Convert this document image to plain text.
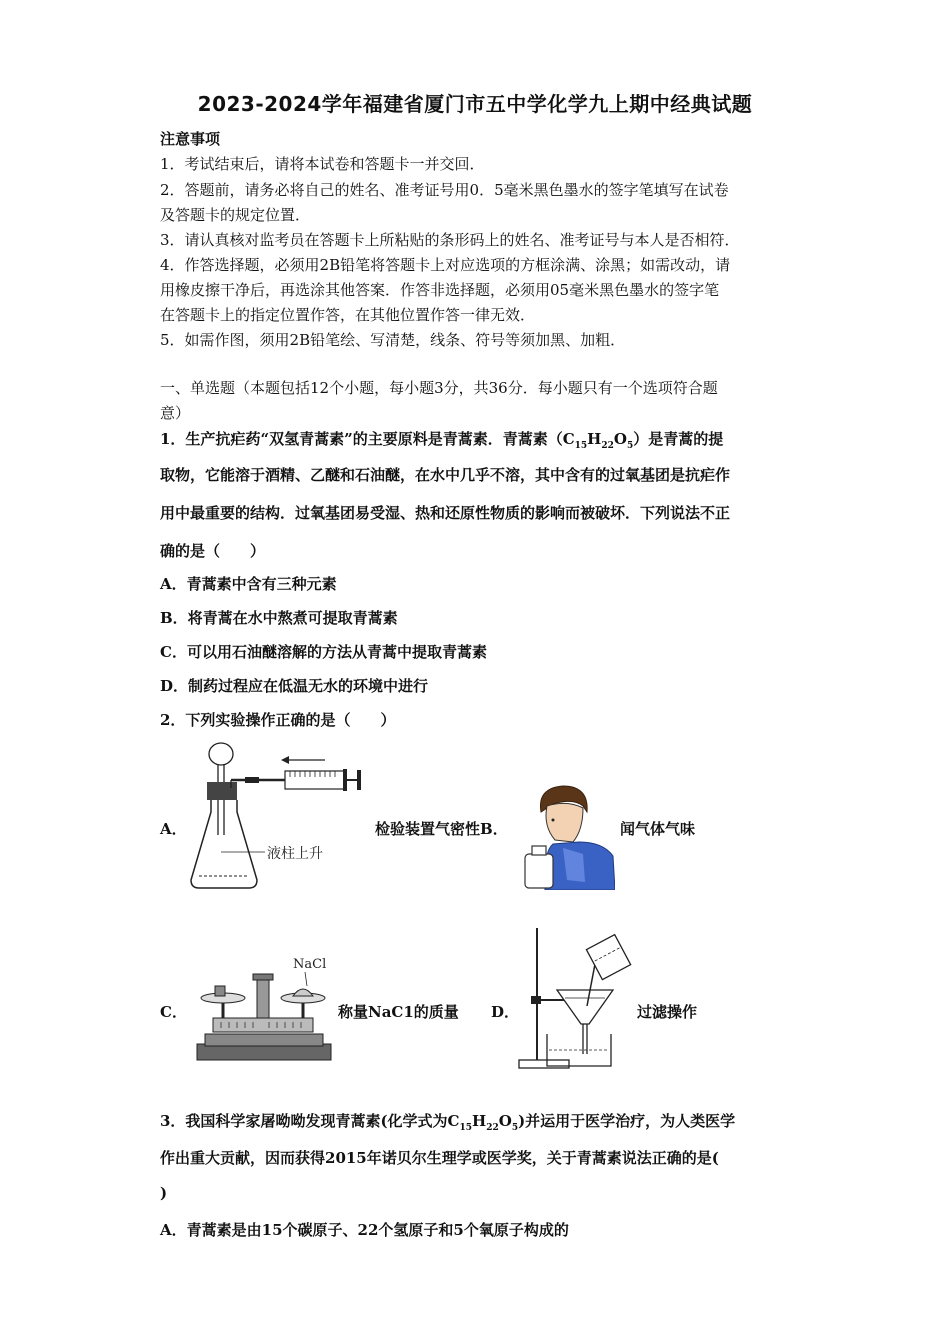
2023-2024学年福建省厦门市五中学化学九上期中经典试题
注意事项
1．考试结束后，请将本试卷和答题卡一并交回．
2．答题前，请务必将自己的姓名、准考证号用0．5毫米黑色墨水的签字笔填写在试卷
及答题卡的规定位置．
3．请认真核对监考员在答题卡上所粘贴的条形码上的姓名、准考证号与本人是否相符．
4．作答选择题，必须用2B铅笔将答题卡上对应选项的方框涂满、涂黑；如需改动，请
用橡皮擦干净后，再选涂其他答案．作答非选择题，必须用05毫米黑色墨水的签字笔
在答题卡上的指定位置作答，在其他位置作答一律无效．
5．如需作图，须用2B铅笔绘、写清楚，线条、符号等须加黑、加粗．
一、单选题（本题包括12个小题，每小题3分，共36分．每小题只有一个选项符合题
意）
1．生产抗疟药“双氢青蒿素”的主要原料是青蒿素．青蒿素$(C_{15}H_{22}O_5)$是青蒿的提
取物，它能溶于酒精、乙醚和石油醚，在水中几乎不溶，其中含有的过氧基团是抗疟作
用中最重要的结构．过氧基团易受湿、热和还原性物质的影响而被破坏．下列说法不正
确的是（　　）
A．青蒿素中含有三种元素
B．将青蒿在水中熬煮可提取青蒿素
C．可以用石油醚溶解的方法从青蒿中提取青蒿素
D．制药过程应在低温无水的环境中进行
2．下列实验操作正确的是（　　）
A．
液柱上升
检验装置气密性B．	闻气体气味
C．
NaCl
称量NaC1的质量 D．	过滤操作
3．我国科学家屠呦呦发现青蒿素(化学式为$C_{15}H_{22}O_5$)并运用于医学治疗，为人类医学
作出重大贡献，因而获得2015年诺贝尔生理学或医学奖，关于青蒿素说法正确的是(
)
A．青蒿素是由15个碳原子、22个氢原子和5个氧原子构成的
